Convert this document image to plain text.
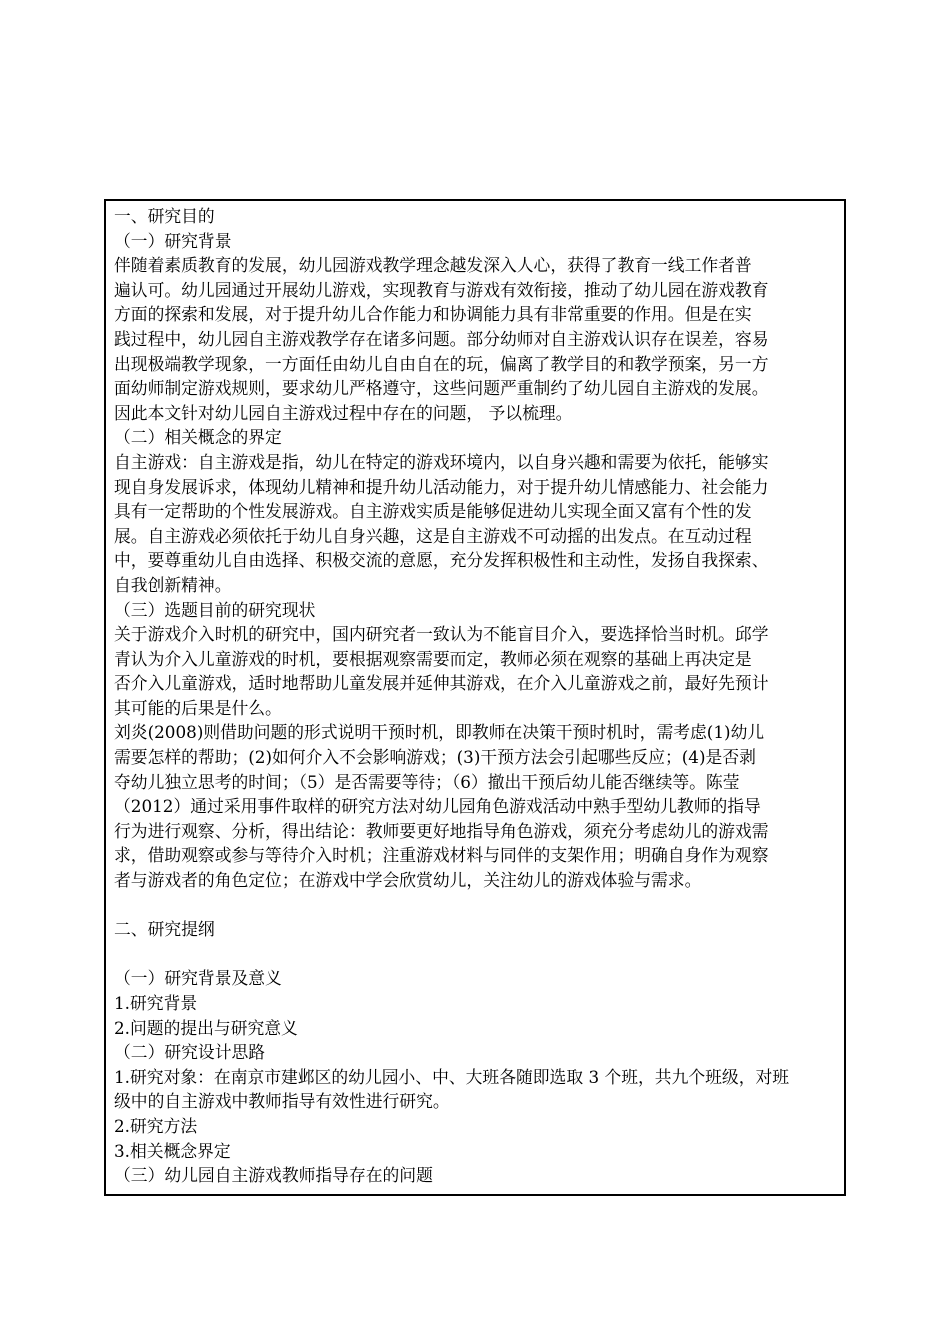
一、研究目的
（一）研究背景
伴随着素质教育的发展，幼儿园游戏教学理念越发深入人心，获得了教育一线工作者普
遍认可。幼儿园通过开展幼儿游戏，实现教育与游戏有效衔接，推动了幼儿园在游戏教育
方面的探索和发展，对于提升幼儿合作能力和协调能力具有非常重要的作用。但是在实
践过程中，幼儿园自主游戏教学存在诸多问题。部分幼师对自主游戏认识存在误差，容易
出现极端教学现象，一方面任由幼儿自由自在的玩，偏离了教学目的和教学预案，另一方
面幼师制定游戏规则，要求幼儿严格遵守，这些问题严重制约了幼儿园自主游戏的发展。
因此本文针对幼儿园自主游戏过程中存在的问题， 予以梳理。
（二）相关概念的界定
自主游戏：自主游戏是指，幼儿在特定的游戏环境内，以自身兴趣和需要为依托，能够实
现自身发展诉求，体现幼儿精神和提升幼儿活动能力，对于提升幼儿情感能力、社会能力
具有一定帮助的个性发展游戏。自主游戏实质是能够促进幼儿实现全面又富有个性的发
展。自主游戏必须依托于幼儿自身兴趣，这是自主游戏不可动摇的出发点。在互动过程
中，要尊重幼儿自由选择、积极交流的意愿，充分发挥积极性和主动性，发扬自我探索、
自我创新精神。
（三）选题目前的研究现状
关于游戏介入时机的研究中，国内研究者一致认为不能盲目介入，要选择恰当时机。邱学
青认为介入儿童游戏的时机，要根据观察需要而定，教师必须在观察的基础上再决定是
否介入儿童游戏，适时地帮助儿童发展并延伸其游戏，在介入儿童游戏之前，最好先预计
其可能的后果是什么。
刘炎(2008)则借助问题的形式说明干预时机，即教师在决策干预时机时，需考虑(1)幼儿
需要怎样的帮助；(2)如何介入不会影响游戏；(3)干预方法会引起哪些反应；(4)是否剥
夺幼儿独立思考的时间；（5）是否需要等待；（6）撤出干预后幼儿能否继续等。陈莹
（2012）通过采用事件取样的研究方法对幼儿园角色游戏活动中熟手型幼儿教师的指导
行为进行观察、分析，得出结论：教师要更好地指导角色游戏，须充分考虑幼儿的游戏需
求，借助观察或参与等待介入时机；注重游戏材料与同伴的支架作用；明确自身作为观察
者与游戏者的角色定位；在游戏中学会欣赏幼儿，关注幼儿的游戏体验与需求。
二、研究提纲
（一）研究背景及意义
1.研究背景
2.问题的提出与研究意义
（二）研究设计思路
1.研究对象：在南京市建邺区的幼儿园小、中、大班各随即选取 3 个班，共九个班级，对班
级中的自主游戏中教师指导有效性进行研究。
2.研究方法
3.相关概念界定
（三）幼儿园自主游戏教师指导存在的问题
